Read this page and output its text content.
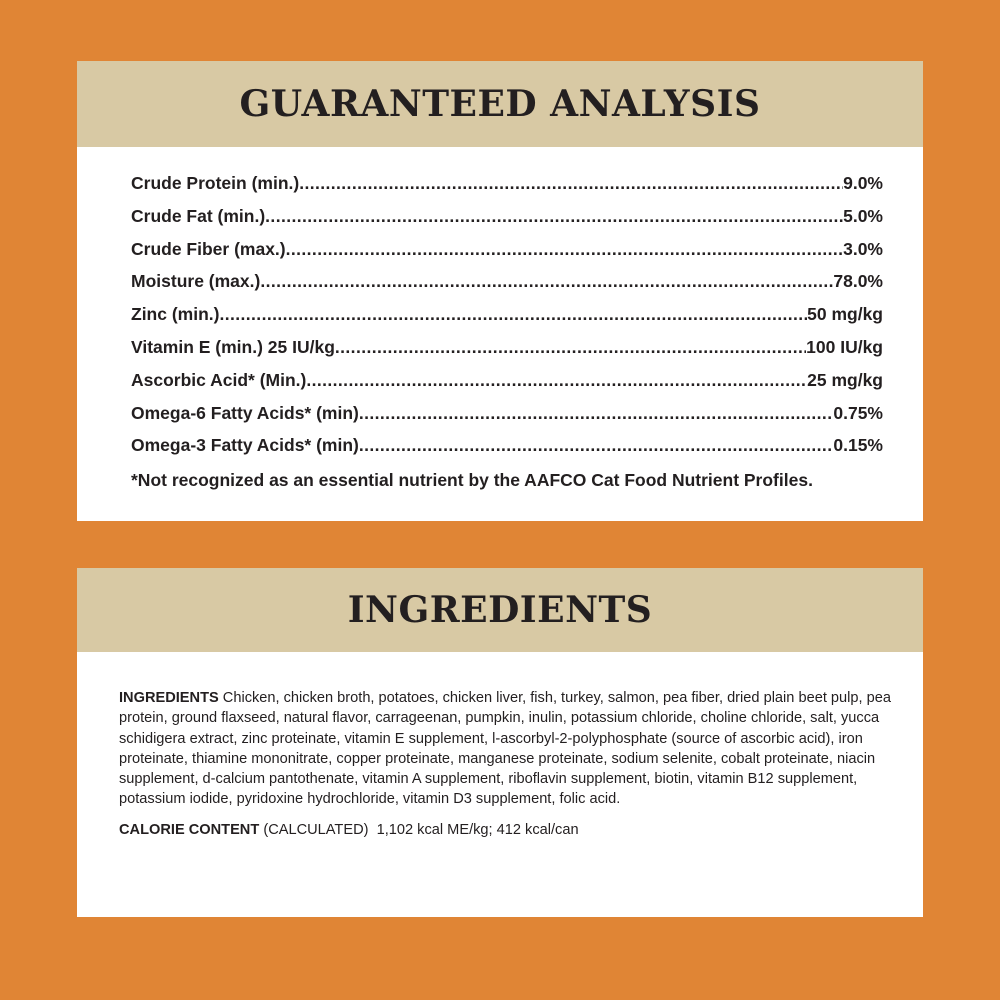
GUARANTEED ANALYSIS
Crude Protein (min.) .....	9.0%
Crude Fat (min.) .....	5.0%
Crude Fiber (max.) .....	3.0%
Moisture (max.) .....	78.0%
Zinc (min.) .....	50 mg/kg
Vitamin E (min.) 25 IU/kg .....	100 IU/kg
Ascorbic Acid* (Min.) .....	25 mg/kg
Omega-6 Fatty Acids* (min) .....	0.75%
Omega-3 Fatty Acids* (min) .....	0.15%
*Not recognized as an essential nutrient by the AAFCO Cat Food Nutrient Profiles.
INGREDIENTS

INGREDIENTS Chicken, chicken broth, potatoes, chicken liver, fish, turkey, salmon, pea fiber, dried plain beet pulp, pea protein, ground flaxseed, natural flavor, carrageenan, pumpkin, inulin, potassium chloride, choline chloride, salt, yucca schidigera extract, zinc proteinate, vitamin E supplement, l-ascorbyl-2-polyphosphate (source of ascorbic acid), iron proteinate, thiamine mononitrate, copper proteinate, manganese proteinate, sodium selenite, cobalt proteinate, niacin supplement, d-calcium pantothenate, vitamin A supplement, riboflavin supplement, biotin, vitamin B12 supplement, potassium iodide, pyridoxine hydrochloride, vitamin D3 supplement, folic acid.

CALORIE CONTENT (CALCULATED) 1,102 kcal ME/kg; 412 kcal/can
